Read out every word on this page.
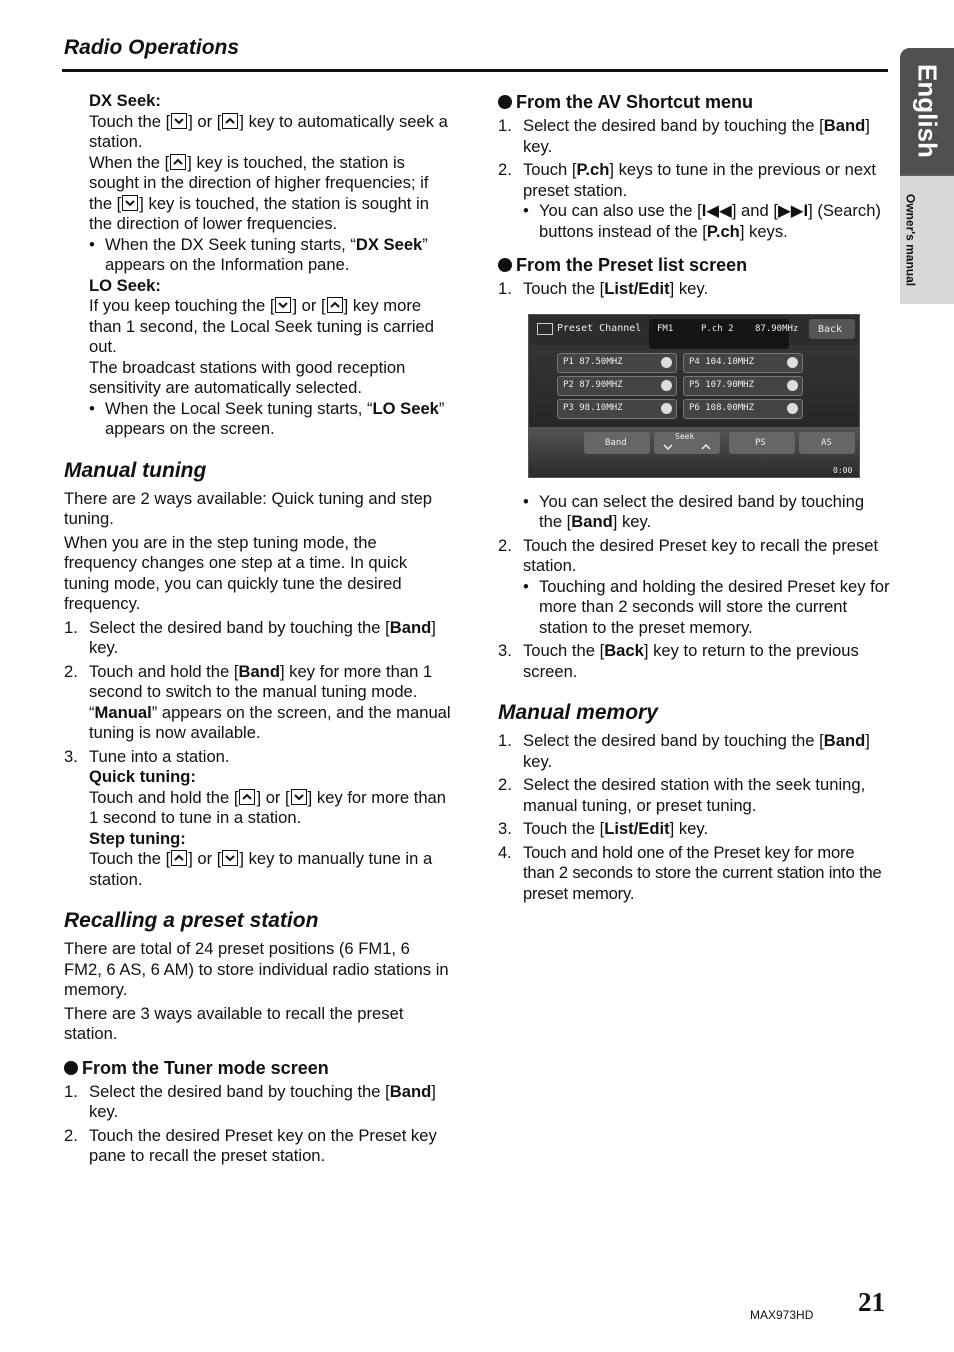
Radio Operations
English
Owner's manual

DX Seek:

Touch the [ ] or [ ] key to automatically seek a station.

When the [ ] key is touched, the station is sought in the direction of higher frequencies; if the [ ] key is touched, the station is sought in the direction of lower frequencies.

• When the DX Seek tuning starts, “DX Seek” appears on the Information pane.

LO Seek:

If you keep touching the [ ] or [ ] key more than 1 second, the Local Seek tuning is carried out.

The broadcast stations with good reception sensitivity are automatically selected.

• When the Local Seek tuning starts, “LO Seek” appears on the screen.
Manual tuning

There are 2 ways available: Quick tuning and step tuning.

When you are in the step tuning mode, the frequency changes one step at a time. In quick tuning mode, you can quickly tune the desired frequency.

1. Select the desired band by touching the [Band] key.
2. Touch and hold the [Band] key for more than 1 second to switch to the manual tuning mode.
“Manual” appears on the screen, and the manual tuning is now available.
3. Tune into a station.

Quick tuning:

Touch and hold the [ ] or [ ] key for more than 1 second to tune in a station.

Step tuning:

Touch the [ ] or [ ] key to manually tune in a station.

Recalling a preset station

There are total of 24 preset positions (6 FM1, 6 FM2, 6 AS, 6 AM) to store individual radio stations in memory.

There are 3 ways available to recall the preset station.

From the Tuner mode screen
1. Select the desired band by touching the [Band] key.
2. Touch the desired Preset key on the Preset key pane to recall the preset station.
From the AV Shortcut menu
1. Select the desired band by touching the [Band] key.
2. Touch [P.ch] keys to tune in the previous or next preset station.
• You can also use the [I◀◀] and [▶▶I] (Search) buttons instead of the [P.ch] keys.
From the Preset list screen
1. Touch the [List/Edit] key.
Preset Channel FM1	P.ch 2 87.90MHz Back
P1 87.50MHZ
P2 87.90MHZ
P3 98.10MHZ
P4 104.10MHZ
P5 107.90MHZ
P6 108.00MHZ
Band
Seek
PS	AS
0:00
• You can select the desired band by touching the [Band] key.
2. Touch the desired Preset key to recall the preset station.
• Touching and holding the desired Preset key for more than 2 seconds will store the current station to the preset memory.
3. Touch the [Back] key to return to the previous screen.
Manual memory
1. Select the desired band by touching the [Band] key.
2. Select the desired station with the seek tuning, manual tuning, or preset tuning.
3. Touch the [List/Edit] key.
4. Touch and hold one of the Preset key for more than 2 seconds to store the current station into the preset memory.
MAX973HD 21
